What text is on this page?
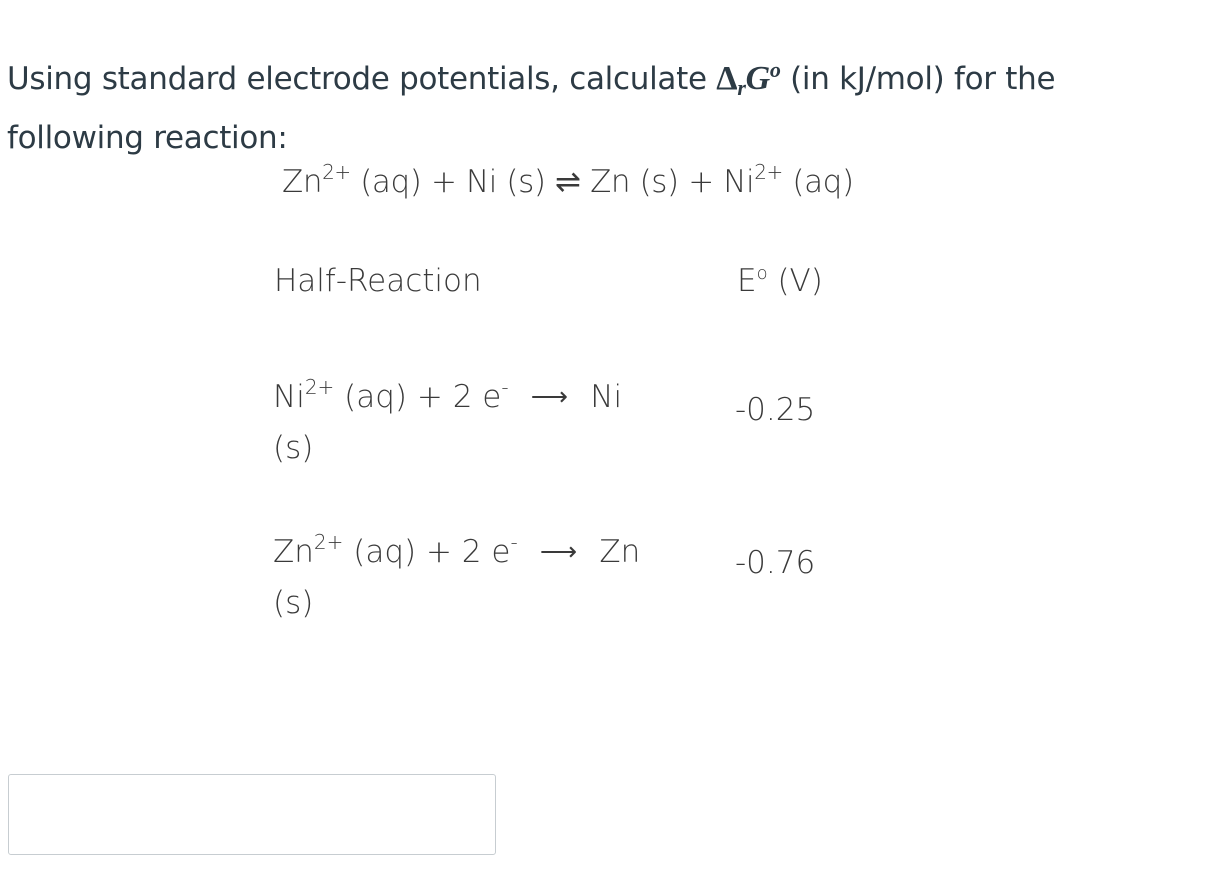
Using standard electrode potentials, calculate $\Delta_rG^o$ (in kJ/mol) for the
following reaction:
$Zn^{2+}$ (aq) + Ni (s) ⇌ Zn $(s) + Ni^{2+}$ (aq)
Half-Reaction	$E^o$ (V)
$Ni^{2+}$ (aq) + 2 e- ⟶ Ni
(s)
-0.25
$Zn^{2+}$ (aq) + 2 e- ⟶ Zn
(s)
-0.76
